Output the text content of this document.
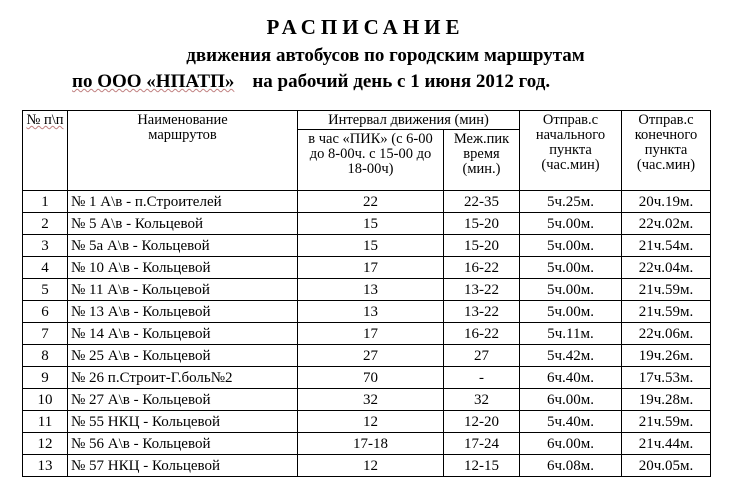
РАСПИСАНИЕ
движения автобусов по городским маршрутам
по ООО «НПАТП» на рабочий день с 1 июня 2012 год.
№ п\п	Наименование маршрутов	Интервал движения (мин)		Отправ.с начального пункта (час.мин)	Отправ.с конечного пункта (час.мин)

		в час «ПИК» (с 6-00 до 8-00ч. с 15-00 до 18-00ч)	Меж.пик время (мин.)		

1	№ 1 А\в - п.Строителей	22	22-35	5ч.25м.	20ч.19м.
2	№ 5 А\в - Кольцевой	15	15-20	5ч.00м.	22ч.02м.
3	№ 5а А\в - Кольцевой	15	15-20	5ч.00м.	21ч.54м.
4	№ 10 А\в - Кольцевой	17	16-22	5ч.00м.	22ч.04м.
5	№ 11 А\в - Кольцевой	13	13-22	5ч.00м.	21ч.59м.
6	№ 13 А\в - Кольцевой	13	13-22	5ч.00м.	21ч.59м.
7	№ 14 А\в - Кольцевой	17	16-22	5ч.11м.	22ч.06м.
8	№ 25 А\в - Кольцевой	27	27	5ч.42м.	19ч.26м.
9	№ 26 п.Строит-Г.боль№2	70	-	6ч.40м.	17ч.53м.
10	№ 27 А\в - Кольцевой	32	32	6ч.00м.	19ч.28м.
11	№ 55 НКЦ - Кольцевой	12	12-20	5ч.40м.	21ч.59м.
12	№ 56 А\в - Кольцевой	17-18	17-24	6ч.00м.	21ч.44м.
13	№ 57 НКЦ - Кольцевой	12	12-15	6ч.08м.	20ч.05м.
